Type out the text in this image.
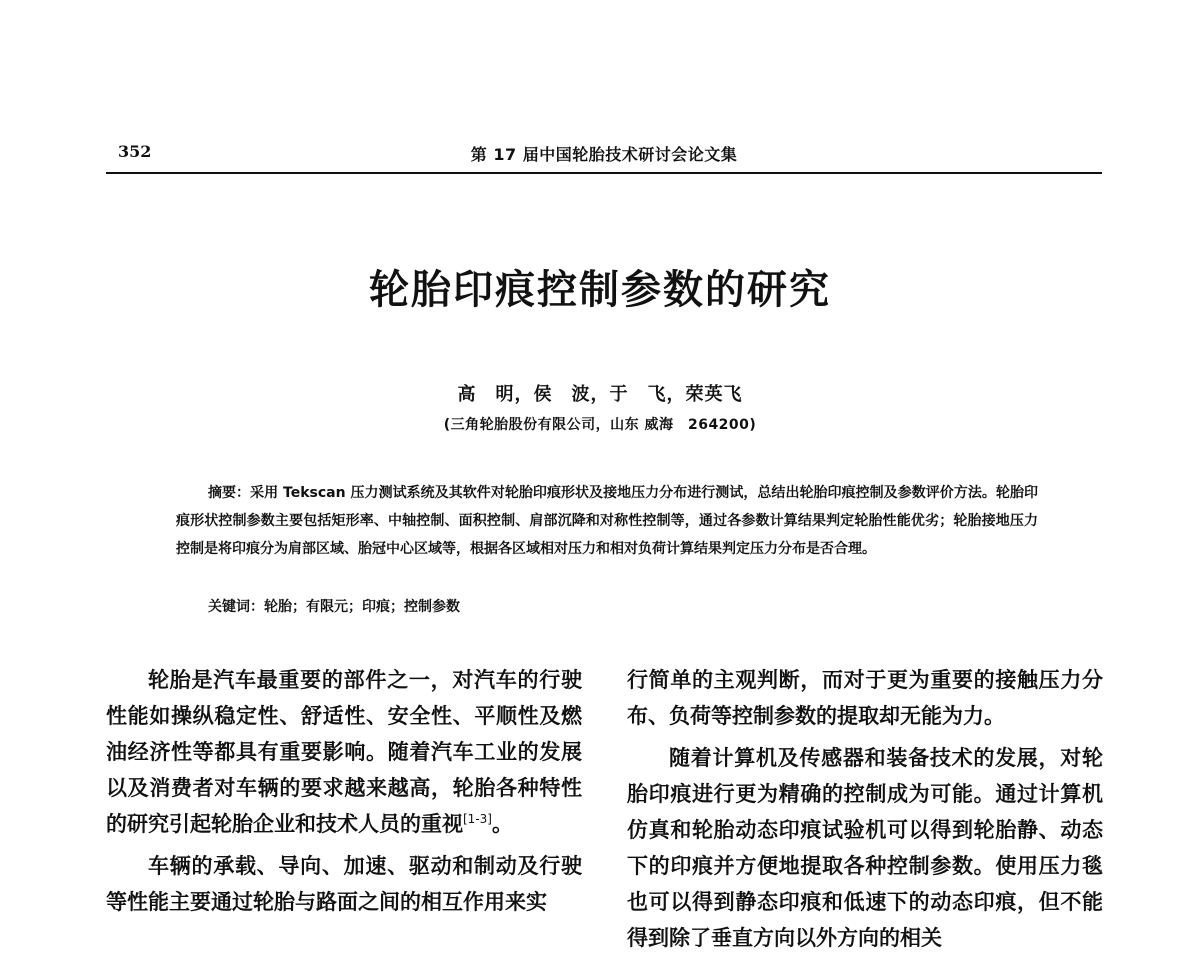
352	第 17 届中国轮胎技术研讨会论文集
轮胎印痕控制参数的研究
高　明，侯　波，于　飞，荣英飞
(三角轮胎股份有限公司，山东 威海　264200)
摘要：采用 Tekscan 压力测试系统及其软件对轮胎印痕形状及接地压力分布进行测试，总结出轮胎印痕控制及参数评价方法。轮胎印痕形状控制参数主要包括矩形率、中轴控制、面积控制、肩部沉降和对称性控制等，通过各参数计算结果判定轮胎性能优劣；轮胎接地压力控制是将印痕分为肩部区域、胎冠中心区域等，根据各区域相对压力和相对负荷计算结果判定压力分布是否合理。
关键词：轮胎；有限元；印痕；控制参数

轮胎是汽车最重要的部件之一，对汽车的行驶性能如操纵稳定性、舒适性、安全性、平顺性及燃油经济性等都具有重要影响。随着汽车工业的发展以及消费者对车辆的要求越来越高，轮胎各种特性的研究引起轮胎企业和技术人员的重视[1-3]。

车辆的承载、导向、加速、驱动和制动及行驶等性能主要通过轮胎与路面之间的相互作用来实

行简单的主观判断，而对于更为重要的接触压力分布、负荷等控制参数的提取却无能为力。

随着计算机及传感器和装备技术的发展，对轮胎印痕进行更为精确的控制成为可能。通过计算机仿真和轮胎动态印痕试验机可以得到轮胎静、动态下的印痕并方便地提取各种控制参数。使用压力毯也可以得到静态印痕和低速下的动态印痕，但不能得到除了垂直方向以外方向的相关
